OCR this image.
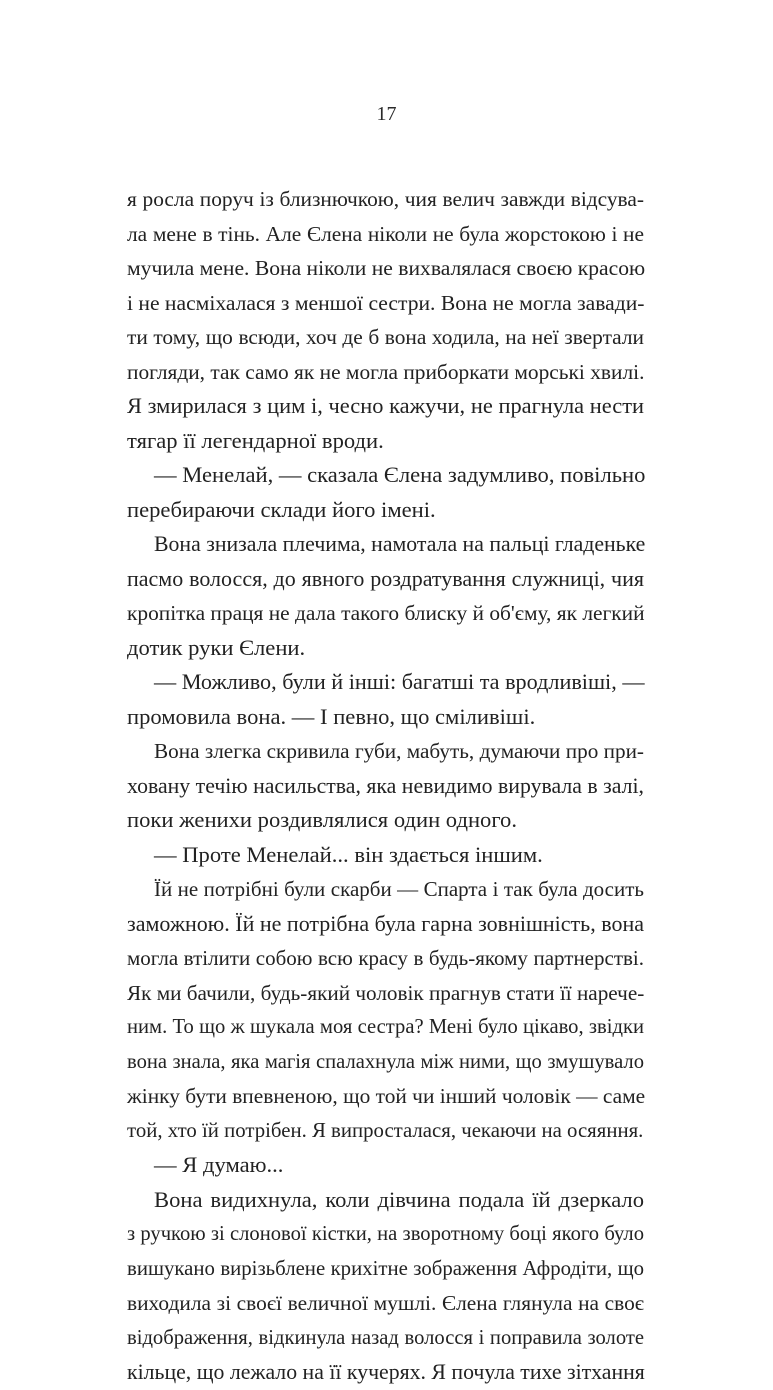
17
я росла поруч із близнючкою, чия велич завжди відсува-
ла мене в тінь. Але Єлена ніколи не була жорстокою і не
мучила мене. Вона ніколи не вихвалялася своєю красою
і не насміхалася з меншої сестри. Вона не могла завади-
ти тому, що всюди, хоч де б вона ходила, на неї звертали
погляди, так само як не могла приборкати морські хвилі.
Я змирилася з цим і, чесно кажучи, не прагнула нести
тягар її легендарної вроди.
— Менелай, — сказала Єлена задумливо, повільно
перебираючи склади його імені.
Вона знизала плечима, намотала на пальці гладеньке
пасмо волосся, до явного роздратування служниці, чия
кропітка праця не дала такого блиску й об'єму, як легкий
дотик руки Єлени.
— Можливо, були й інші: багатші та вродливіші, —
промовила вона. — І певно, що сміливіші.
Вона злегка скривила губи, мабуть, думаючи про при-
ховану течію насильства, яка невидимо вирувала в залі,
поки женихи роздивлялися один одного.
— Проте Менелай... він здається іншим.
Їй не потрібні були скарби — Спарта і так була досить
заможною. Їй не потрібна була гарна зовнішність, вона
могла втілити собою всю красу в будь-якому партнерстві.
Як ми бачили, будь-який чоловік прагнув стати її нарече-
ним. То що ж шукала моя сестра? Мені було цікаво, звідки
вона знала, яка магія спалахнула між ними, що змушувало
жінку бути впевненою, що той чи інший чоловік — саме
той, хто їй потрібен. Я випросталася, чекаючи на осяяння.
— Я думаю...
Вона видихнула, коли дівчина подала їй дзеркало
з ручкою зі слонової кістки, на зворотному боці якого було
вишукано вирізьблене крихітне зображення Афродіти, що
виходила зі своєї величної мушлі. Єлена глянула на своє
відображення, відкинула назад волосся і поправила золоте
кільце, що лежало на її кучерях. Я почула тихе зітхання
